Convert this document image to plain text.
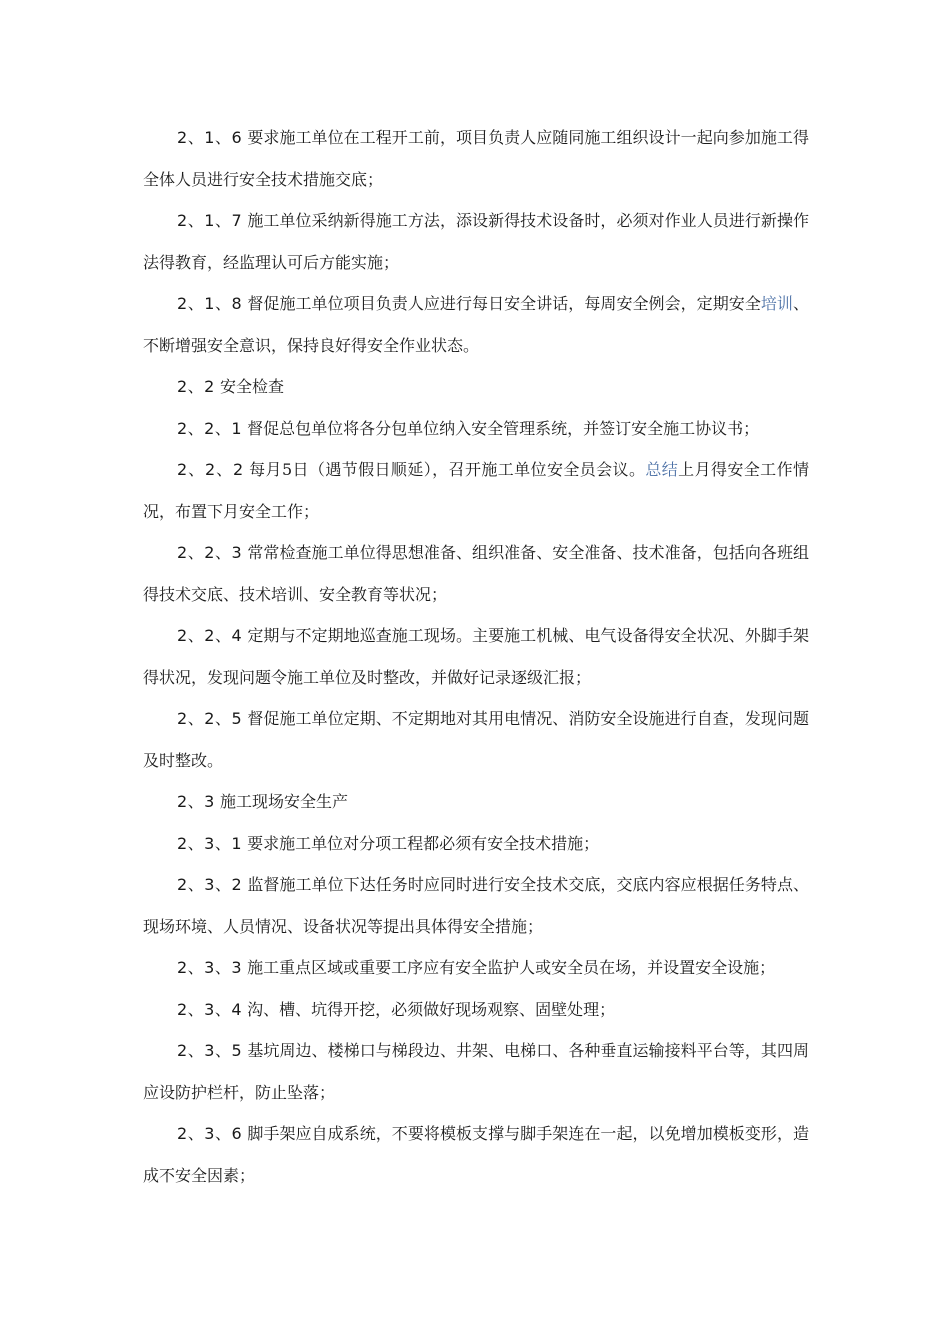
2、1、6 要求施工单位在工程开工前，项目负责人应随同施工组织设计一起向参加施工得全体人员进行安全技术措施交底；

2、1、7 施工单位采纳新得施工方法，添设新得技术设备时，必须对作业人员进行新操作法得教育，经监理认可后方能实施；

2、1、8 督促施工单位项目负责人应进行每日安全讲话，每周安全例会，定期安全培训、不断增强安全意识，保持良好得安全作业状态。

2、2 安全检查

2、2、1 督促总包单位将各分包单位纳入安全管理系统，并签订安全施工协议书；

2、2、2 每月5日（遇节假日顺延），召开施工单位安全员会议。总结上月得安全工作情况，布置下月安全工作；

2、2、3 常常检查施工单位得思想准备、组织准备、安全准备、技术准备，包括向各班组得技术交底、技术培训、安全教育等状况；

2、2、4 定期与不定期地巡查施工现场。主要施工机械、电气设备得安全状况、外脚手架得状况，发现问题令施工单位及时整改，并做好记录逐级汇报；

2、2、5 督促施工单位定期、不定期地对其用电情况、消防安全设施进行自查，发现问题及时整改。

2、3 施工现场安全生产

2、3、1 要求施工单位对分项工程都必须有安全技术措施；

2、3、2 监督施工单位下达任务时应同时进行安全技术交底，交底内容应根据任务特点、现场环境、人员情况、设备状况等提出具体得安全措施；

2、3、3 施工重点区域或重要工序应有安全监护人或安全员在场，并设置安全设施；

2、3、4 沟、槽、坑得开挖，必须做好现场观察、固壁处理；

2、3、5 基坑周边、楼梯口与梯段边、井架、电梯口、各种垂直运输接料平台等，其四周应设防护栏杆，防止坠落；

2、3、6 脚手架应自成系统，不要将模板支撑与脚手架连在一起，以免增加模板变形，造成不安全因素；
